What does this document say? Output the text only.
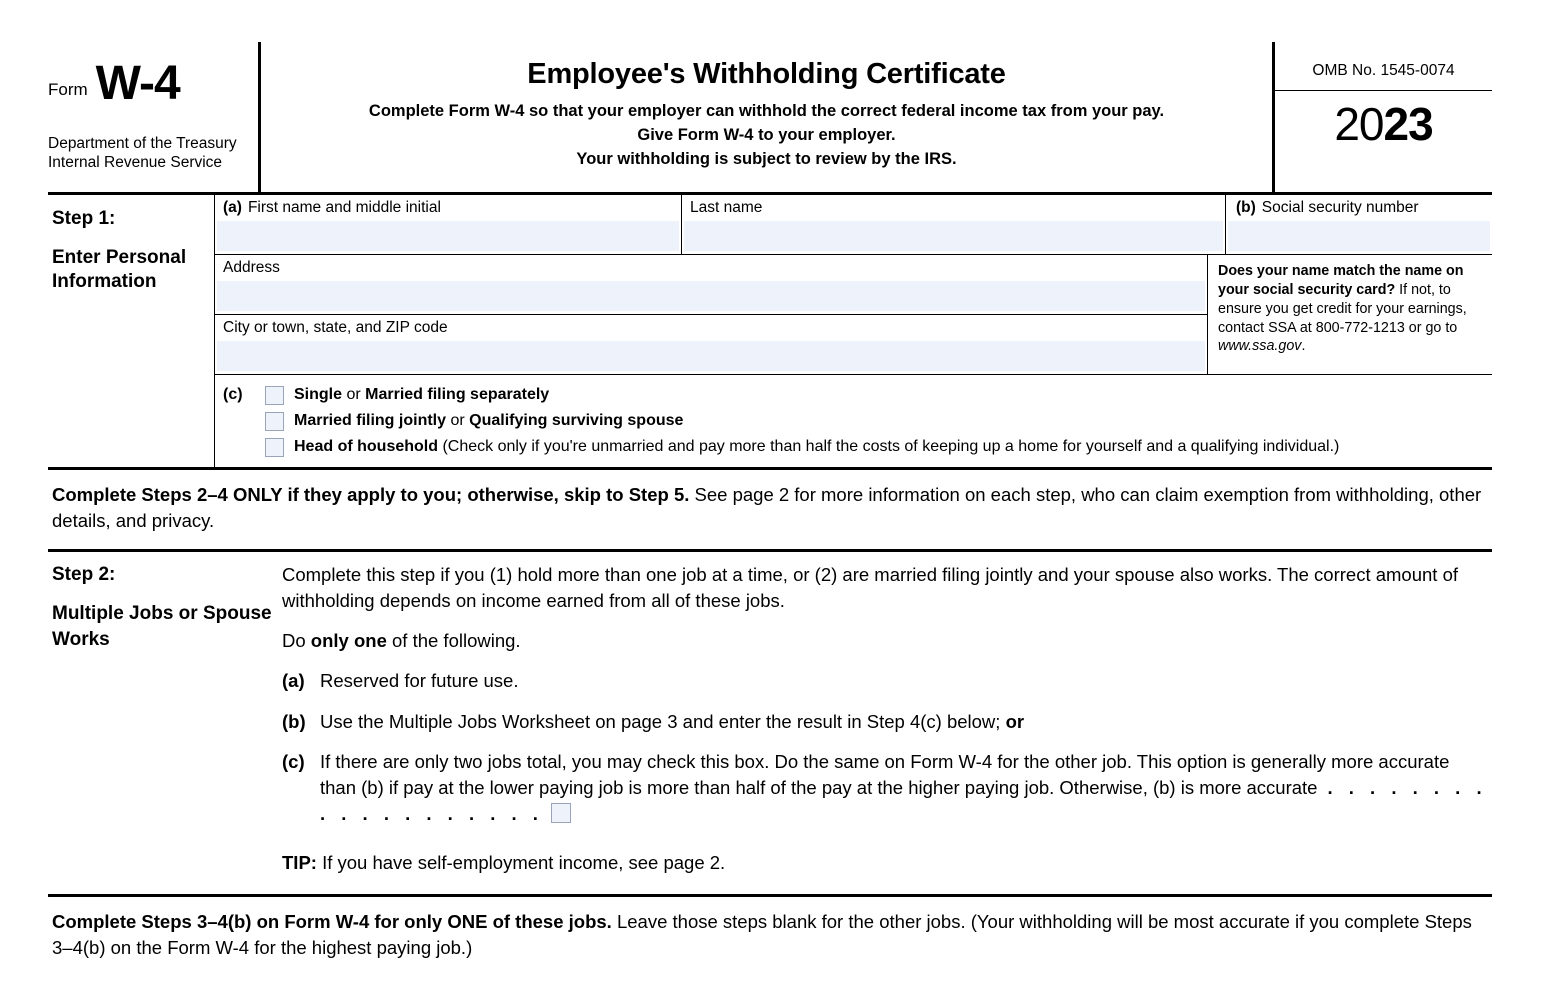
Form W-4
Department of the Treasury
Internal Revenue Service
Employee's Withholding Certificate
Complete Form W-4 so that your employer can withhold the correct federal income tax from your pay.
Give Form W-4 to your employer.
Your withholding is subject to review by the IRS.
OMB No. 1545-0074
2023
Step 1:
Enter Personal Information
(a) First name and middle initial	Last name	(b) Social security number
Address
City or town, state, and ZIP code
Does your name match the name on your social security card? If not, to ensure you get credit for your earnings, contact SSA at 800-772-1213 or go to www.ssa.gov.
(c)	Single or Married filing separately
Married filing jointly or Qualifying surviving spouse
Head of household (Check only if you're unmarried and pay more than half the costs of keeping up a home for yourself and a qualifying individual.)
Complete Steps 2–4 ONLY if they apply to you; otherwise, skip to Step 5. See page 2 for more information on each step, who can claim exemption from withholding, other details, and privacy.
Step 2:
Multiple Jobs or Spouse Works
Complete this step if you (1) hold more than one job at a time, or (2) are married filing jointly and your spouse also works. The correct amount of withholding depends on income earned from all of these jobs.
Do only one of the following.
(a) Reserved for future use.
(b) Use the Multiple Jobs Worksheet on page 3 and enter the result in Step 4(c) below; or
(c) If there are only two jobs total, you may check this box. Do the same on Form W-4 for the other job. This option is generally more accurate than (b) if pay at the lower paying job is more than half of the pay at the higher paying job. Otherwise, (b) is more accurate . . . . . . . . . . . . . . . . . . .
TIP: If you have self-employment income, see page 2.
Complete Steps 3–4(b) on Form W-4 for only ONE of these jobs. Leave those steps blank for the other jobs. (Your withholding will be most accurate if you complete Steps 3–4(b) on the Form W-4 for the highest paying job.)
